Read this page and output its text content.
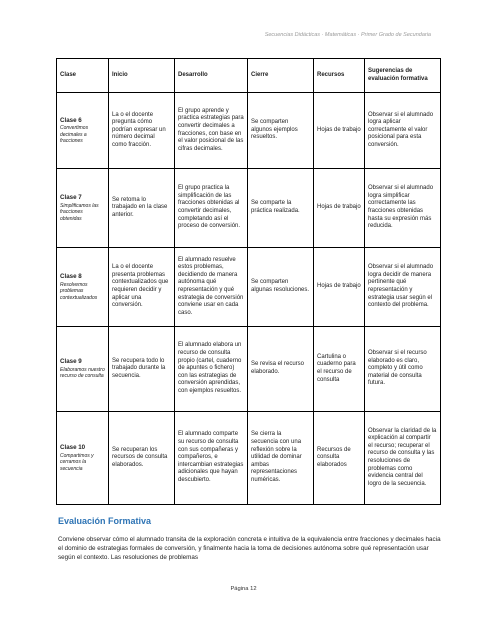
Secuencias Didácticas · Matemáticas · Primer Grado de Secundaria
Clase	Inicio	Desarrollo	Cierre	Recursos	Sugerencias de evaluación formativa

Clase 6
Convertimos decimales a fracciones	La o el docente pregunta cómo podrían expresar un número decimal como fracción.	El grupo aprende y practica estrategias para convertir decimales a fracciones, con base en el valor posicional de las cifras decimales.	Se comparten algunos ejemplos resueltos.	Hojas de trabajo	Observar si el alumnado logra aplicar correctamente el valor posicional para esta conversión.

Clase 7
Simplificamos las fracciones obtenidas	Se retoma lo trabajado en la clase anterior.	El grupo practica la simplificación de las fracciones obtenidas al convertir decimales, completando así el proceso de conversión.	Se comparte la práctica realizada.	Hojas de trabajo	Observar si el alumnado logra simplificar correctamente las fracciones obtenidas hasta su expresión más reducida.

Clase 8
Resolvemos problemas contextualizados	La o el docente presenta problemas contextualizados que requieren decidir y aplicar una conversión.	El alumnado resuelve estos problemas, decidiendo de manera autónoma qué representación y qué estrategia de conversión conviene usar en cada caso.	Se comparten algunas resoluciones.	Hojas de trabajo	Observar si el alumnado logra decidir de manera pertinente qué representación y estrategia usar según el contexto del problema.

Clase 9
Elaboramos nuestro recurso de consulta	Se recupera todo lo trabajado durante la secuencia.	El alumnado elabora un recurso de consulta propio (cartel, cuaderno de apuntes o fichero) con las estrategias de conversión aprendidas, con ejemplos resueltos.	Se revisa el recurso elaborado.	Cartulina o cuaderno para el recurso de consulta	Observar si el recurso elaborado es claro, completo y útil como material de consulta futura.

Clase 10
Compartimos y cerramos la secuencia	Se recuperan los recursos de consulta elaborados.	El alumnado comparte su recurso de consulta con sus compañeras y compañeros, e intercambian estrategias adicionales que hayan descubierto.	Se cierra la secuencia con una reflexión sobre la utilidad de dominar ambas representaciones numéricas.	Recursos de consulta elaborados	Observar la claridad de la explicación al compartir el recurso; recuperar el recurso de consulta y las resoluciones de problemas como evidencia central del logro de la secuencia.
Evaluación Formativa
Conviene observar cómo el alumnado transita de la exploración concreta e intuitiva de la equivalencia entre fracciones y decimales hacia el dominio de estrategias formales de conversión, y finalmente hacia la toma de decisiones autónoma sobre qué representación usar según el contexto. Las resoluciones de problemas
Página 12
